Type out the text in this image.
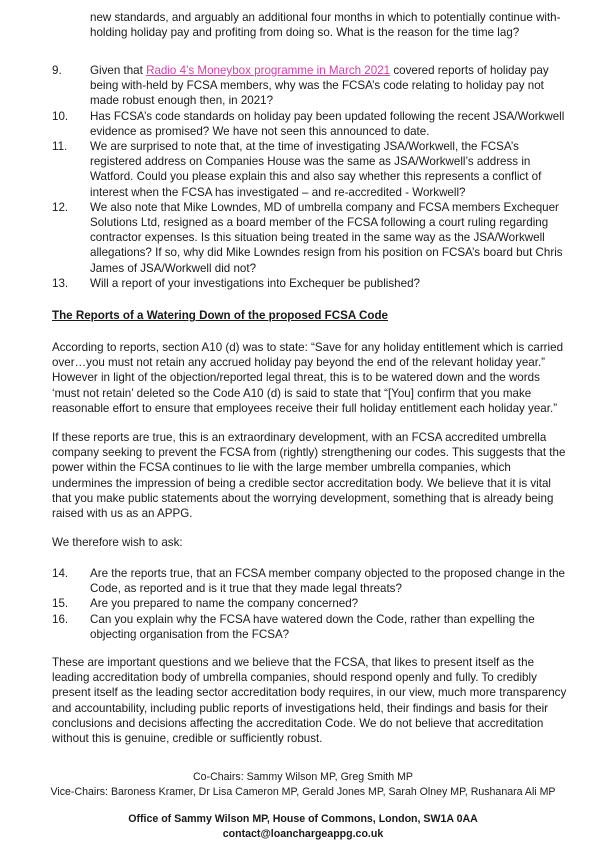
new standards, and arguably an additional four months in which to potentially continue with-holding holiday pay and profiting from doing so. What is the reason for the time lag?
9.	Given that Radio 4’s Moneybox programme in March 2021 covered reports of holiday pay being with-held by FCSA members, why was the FCSA’s code relating to holiday pay not made robust enough then, in 2021?
10.	Has FCSA’s code standards on holiday pay been updated following the recent JSA/Workwell evidence as promised? We have not seen this announced to date.
11.	We are surprised to note that, at the time of investigating JSA/Workwell, the FCSA’s registered address on Companies House was the same as JSA/Workwell’s address in Watford. Could you please explain this and also say whether this represents a conflict of interest when the FCSA has investigated – and re-accredited - Workwell?
12.	We also note that Mike Lowndes, MD of umbrella company and FCSA members Exchequer Solutions Ltd, resigned as a board member of the FCSA following a court ruling regarding contractor expenses. Is this situation being treated in the same way as the JSA/Workwell allegations? If so, why did Mike Lowndes resign from his position on FCSA’s board but Chris James of JSA/Workwell did not?
13.	Will a report of your investigations into Exchequer be published?
The Reports of a Watering Down of the proposed FCSA Code
According to reports, section A10 (d) was to state: “Save for any holiday entitlement which is carried over…you must not retain any accrued holiday pay beyond the end of the relevant holiday year.” However in light of the objection/reported legal threat, this is to be watered down and the words ‘must not retain’ deleted so the Code A10 (d) is said to state that “[You] confirm that you make reasonable effort to ensure that employees receive their full holiday entitlement each holiday year.”
If these reports are true, this is an extraordinary development, with an FCSA accredited umbrella company seeking to prevent the FCSA from (rightly) strengthening our codes. This suggests that the power within the FCSA continues to lie with the large member umbrella companies, which undermines the impression of being a credible sector accreditation body. We believe that it is vital that you make public statements about the worrying development, something that is already being raised with us as an APPG.
We therefore wish to ask:
14.	Are the reports true, that an FCSA member company objected to the proposed change in the Code, as reported and is it true that they made legal threats?
15.	Are you prepared to name the company concerned?
16.	Can you explain why the FCSA have watered down the Code, rather than expelling the objecting organisation from the FCSA?
These are important questions and we believe that the FCSA, that likes to present itself as the leading accreditation body of umbrella companies, should respond openly and fully. To credibly present itself as the leading sector accreditation body requires, in our view, much more transparency and accountability, including public reports of investigations held, their findings and basis for their conclusions and decisions affecting the accreditation Code. We do not believe that accreditation without this is genuine, credible or sufficiently robust.
Co-Chairs: Sammy Wilson MP, Greg Smith MP
Vice-Chairs: Baroness Kramer, Dr Lisa Cameron MP, Gerald Jones MP, Sarah Olney MP, Rushanara Ali MP
Office of Sammy Wilson MP, House of Commons, London, SW1A 0AA
contact@loanchargeappg.co.uk
